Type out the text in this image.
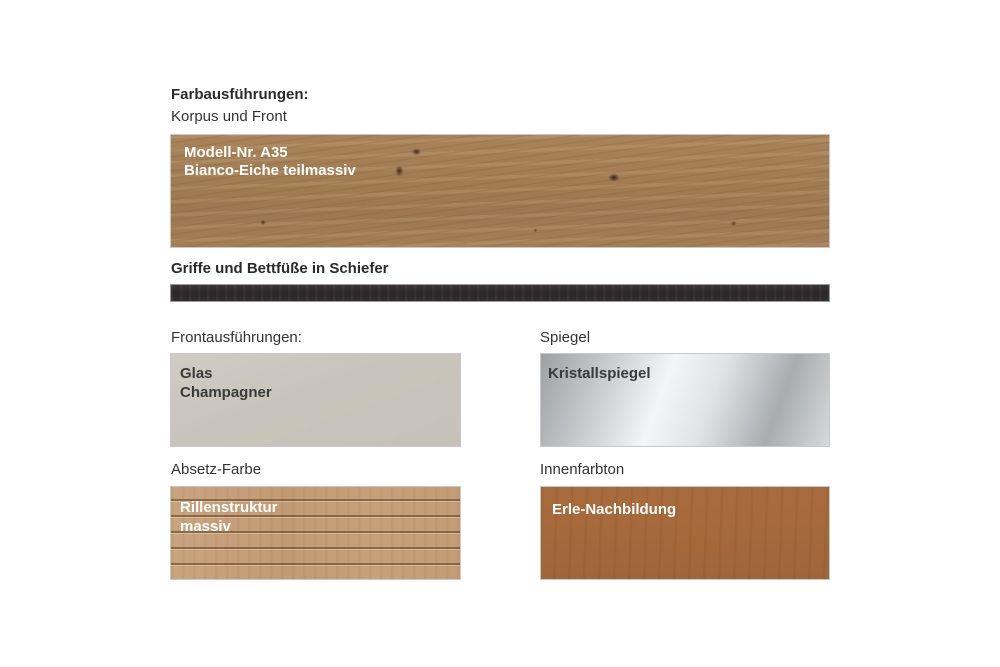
Farbausführungen:
Korpus und Front
Modell-Nr. A35
Bianco-Eiche teilmassiv
Griffe und Bettfüße in Schiefer
Frontausführungen:	Spiegel
Glas
Champagner
Kristallspiegel
Absetz-Farbe	Innenfarbton
Rillenstruktur
massiv
Erle-Nachbildung
